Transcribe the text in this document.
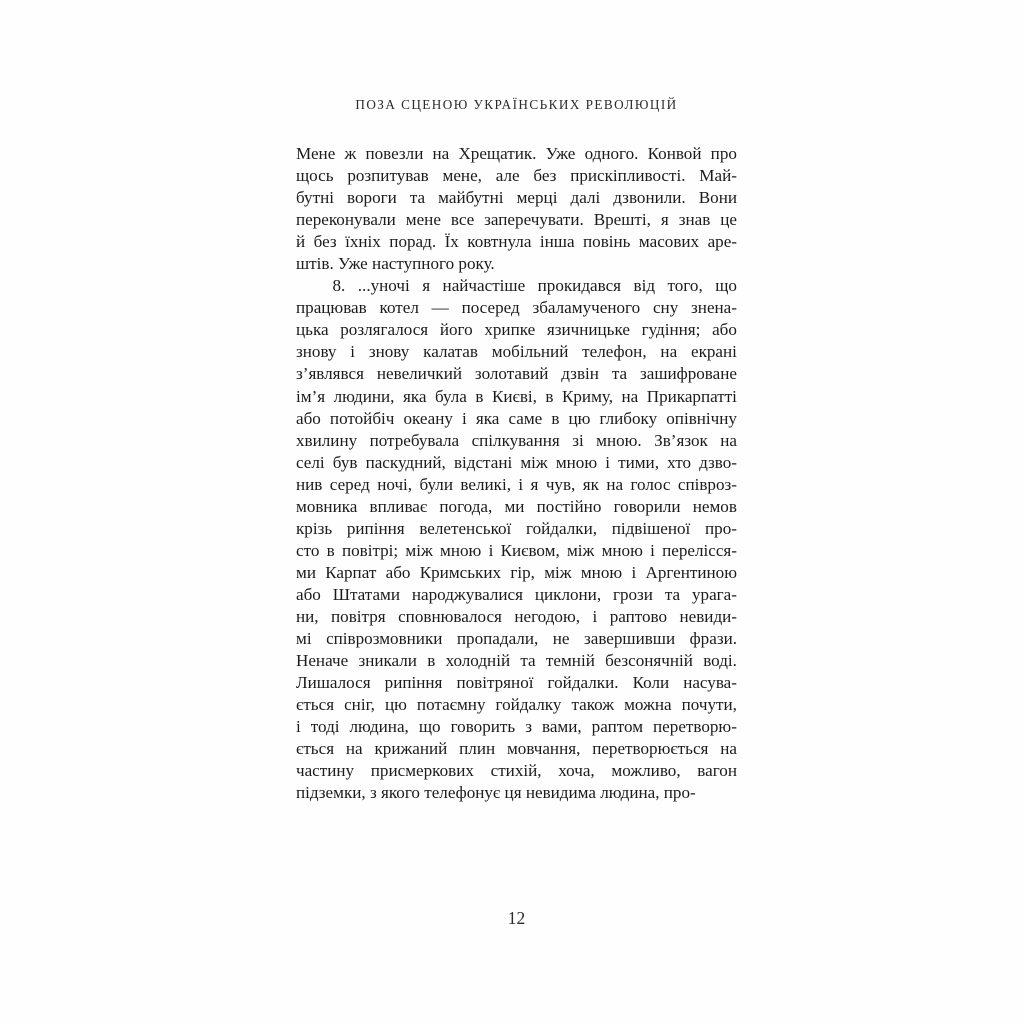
ПОЗА СЦЕНОЮ УКРАЇНСЬКИХ РЕВОЛЮЦІЙ
Мене ж повезли на Хрещатик. Уже одного. Конвой про
щось розпитував мене, але без прискіпливості. Май-
бутні вороги та майбутні мерці далі дзвонили. Вони
переконували мене все заперечувати. Врешті, я знав це
й без їхніх порад. Їх ковтнула інша повінь масових аре-
штів. Уже наступного року.
8. ...уночі я найчастіше прокидався від того, що
працював котел — посеред збаламученого сну зненa-
цька розлягалося його хрипке язичницьке гудіння; або
знову і знову калатав мобільний телефон, на екрані
з’являвся невеличкий золотавий дзвін та зашифроване
ім’я людини, яка була в Києві, в Криму, на Прикарпатті
або потойбіч океану і яка саме в цю глибоку опівнічну
хвилину потребувала спілкування зі мною. Зв’язок на
селі був паскудний, відстані між мною і тими, хто дзво-
нив серед ночі, були великі, і я чув, як на голос співроз-
мовника впливає погода, ми постійно говорили немов
крізь рипіння велетенської гойдалки, підвішеної про-
сто в повітрі; між мною і Києвом, між мною і перелісся-
ми Карпат або Кримських гір, між мною і Аргентиною
або Штатами народжувалися циклони, грози та урага-
ни, повітря сповнювалося негодою, і раптово невиди-
мі співрозмовники пропадали, не завершивши фрази.
Неначе зникали в холодній та темній безсонячній воді.
Лишалося рипіння повітряної гойдалки. Коли насува-
ється сніг, цю потаємну гойдалку також можна почути,
і тоді людина, що говорить з вами, раптом перетворю-
ється на крижаний плин мовчання, перетворюється на
частину присмеркових стихій, хоча, можливо, вагон
підземки, з якого телефонує ця невидима людина, про-
12
